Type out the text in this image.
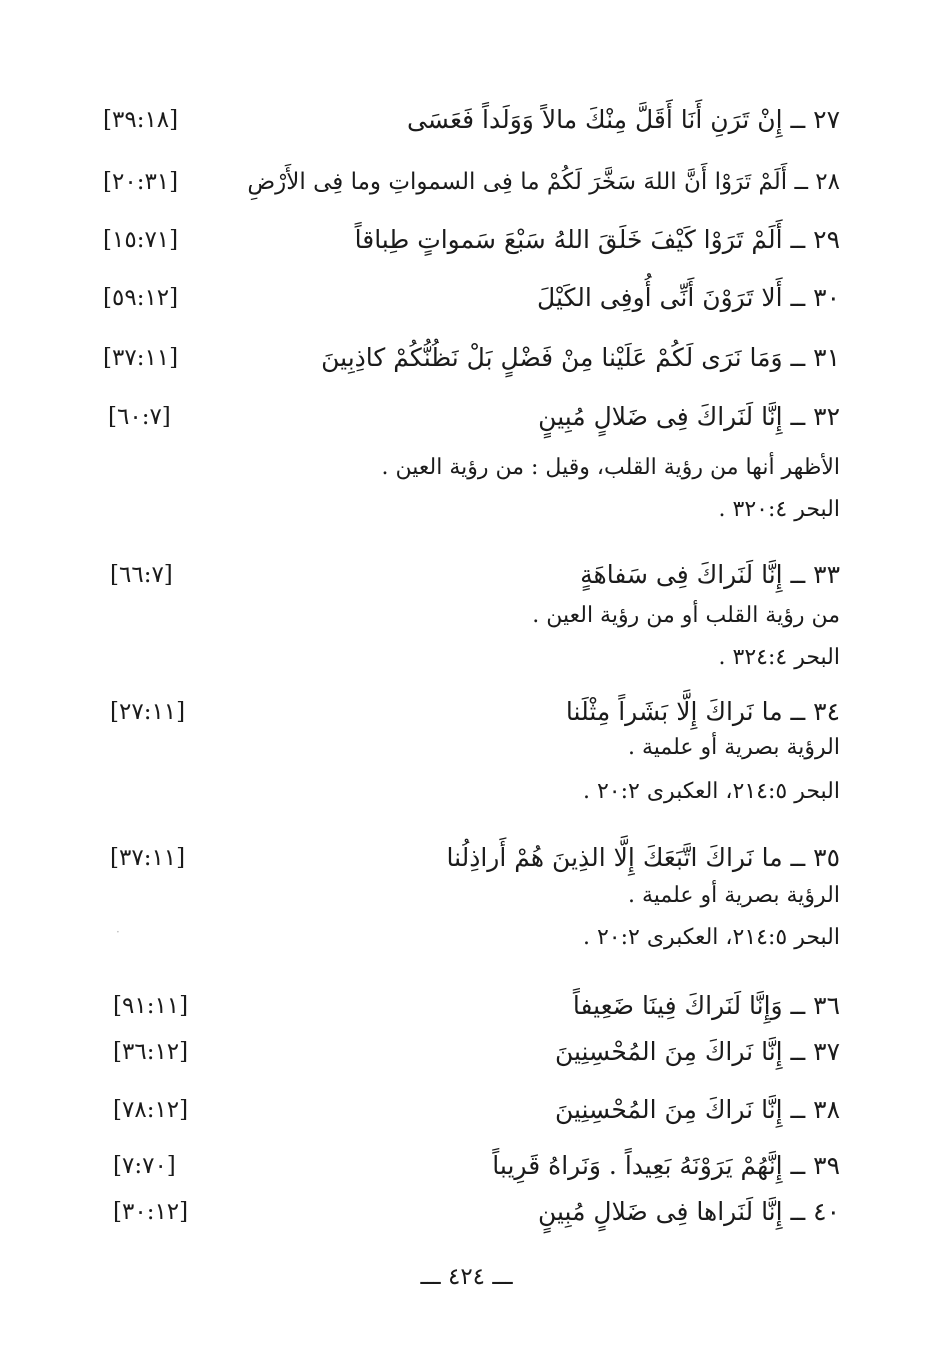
٢٧ ــ إِنْ تَرَنِ أَنَا أَقَلَّ مِنْكَ مالاً وَوَلَداً فَعَسَى
[٣٩:١٨]
٢٨ ــ أَلَمْ تَرَوْا أَنَّ اللهَ سَخَّرَ لَكُمْ ما فِى السمواتِ وما فِى الأَرْضِ
[٢٠:٣١]
٢٩ ــ أَلَمْ تَرَوْا كَيْفَ خَلَقَ اللهُ سَبْعَ سَمواتٍ طِباقاً
[١٥:٧١]
٣٠ ــ أَلا تَرَوْنَ أَنِّى أُوفِى الكَيْلَ
[٥٩:١٢]
٣١ ــ وَمَا نَرَى لَكُمْ عَلَيْنا مِنْ فَضْلٍ بَلْ نَظُنُّكُمْ كاذِبِينَ
[٣٧:١١]
٣٢ ــ إِنَّا لَنَراكَ فِى ضَلالٍ مُبِينٍ
[٦٠:٧]
الأظهر أنها من رؤية القلب، وقيل : من رؤية العين .
البحر ٣٢٠:٤ .
٣٣ ــ إِنَّا لَنَراكَ فِى سَفاهَةٍ
[٦٦:٧]
من رؤية القلب أو من رؤية العين .
البحر ٣٢٤:٤ .
٣٤ ــ ما نَراكَ إِلَّا بَشَراً مِثْلَنا
[٢٧:١١]
الرؤية بصرية أو علمية .
البحر ٢١٤:٥، العكبرى ٢٠:٢ .
٣٥ ــ ما نَراكَ اتَّبَعَكَ إِلَّا الذِينَ هُمْ أَراذِلُنا
[٣٧:١١]
الرؤية بصرية أو علمية .
البحر ٢١٤:٥، العكبرى ٢٠:٢ .
٣٦ ــ وَإِنَّا لَنَراكَ فِينَا ضَعِيفاً
[٩١:١١]
٣٧ ــ إِنَّا نَراكَ مِنَ المُحْسِنِينَ
[٣٦:١٢]
٣٨ ــ إِنَّا نَراكَ مِنَ المُحْسِنِينَ
[٧٨:١٢]
٣٩ ــ إِنَّهُمْ يَرَوْنَهُ بَعِيداً . وَنَراهُ قَرِيباً
[٧:٧٠]
٤٠ ــ إِنَّا لَنَراها فِى ضَلالٍ مُبِينٍ
[٣٠:١٢]
ـــ ٤٢٤ ـــ
·
